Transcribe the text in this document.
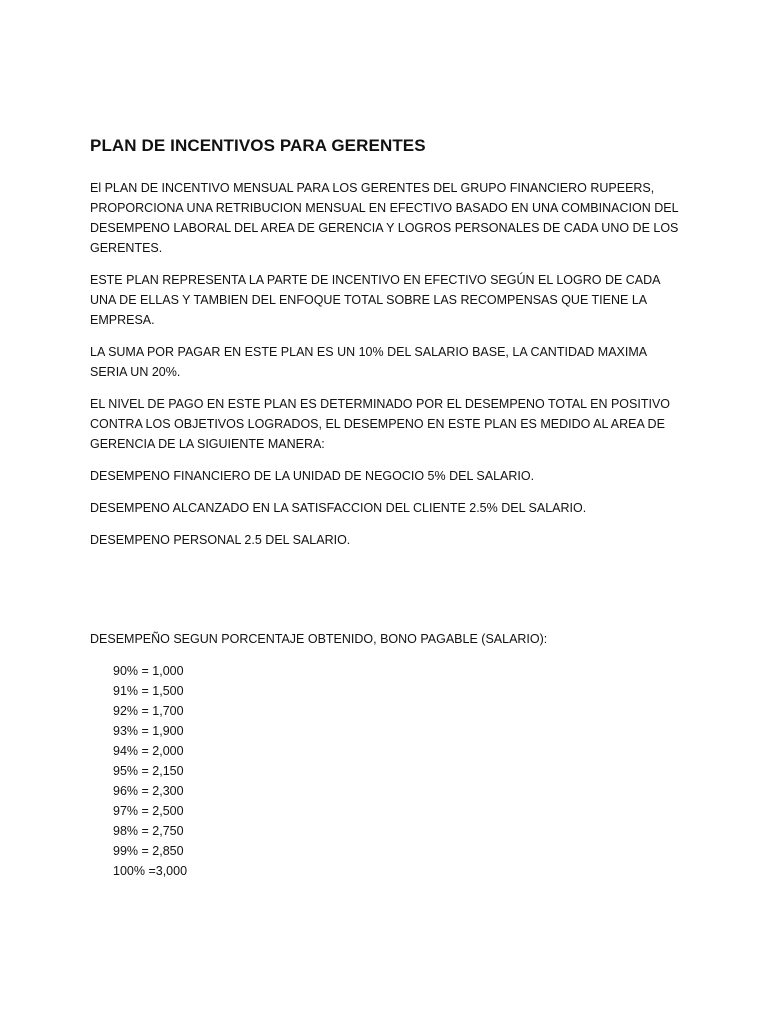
PLAN DE INCENTIVOS PARA GERENTES

El PLAN DE INCENTIVO MENSUAL PARA LOS GERENTES DEL GRUPO FINANCIERO RUPEERS, PROPORCIONA UNA RETRIBUCION MENSUAL EN EFECTIVO BASADO EN UNA COMBINACION DEL DESEMPENO LABORAL DEL AREA DE GERENCIA Y LOGROS PERSONALES DE CADA UNO DE LOS GERENTES.

ESTE PLAN REPRESENTA LA PARTE DE INCENTIVO EN EFECTIVO SEGÚN EL LOGRO DE CADA UNA DE ELLAS Y TAMBIEN DEL ENFOQUE TOTAL SOBRE LAS RECOMPENSAS QUE TIENE LA EMPRESA.

LA SUMA POR PAGAR EN ESTE PLAN ES UN 10% DEL SALARIO BASE, LA CANTIDAD MAXIMA SERIA UN 20%.

EL NIVEL DE PAGO EN ESTE PLAN ES DETERMINADO POR EL DESEMPENO TOTAL EN POSITIVO CONTRA LOS OBJETIVOS LOGRADOS, EL DESEMPENO EN ESTE PLAN ES MEDIDO AL AREA DE GERENCIA DE LA SIGUIENTE MANERA:

DESEMPENO FINANCIERO DE LA UNIDAD DE NEGOCIO 5% DEL SALARIO.

DESEMPENO ALCANZADO EN LA SATISFACCION DEL CLIENTE 2.5% DEL SALARIO.

DESEMPENO PERSONAL 2.5 DEL SALARIO.

DESEMPEÑO SEGUN PORCENTAJE OBTENIDO, BONO PAGABLE (SALARIO):

90% = 1,000
91% = 1,500
92% = 1,700
93% = 1,900
94% = 2,000
95% = 2,150
96% = 2,300
97% = 2,500
98% = 2,750
99% = 2,850
100% =3,000
